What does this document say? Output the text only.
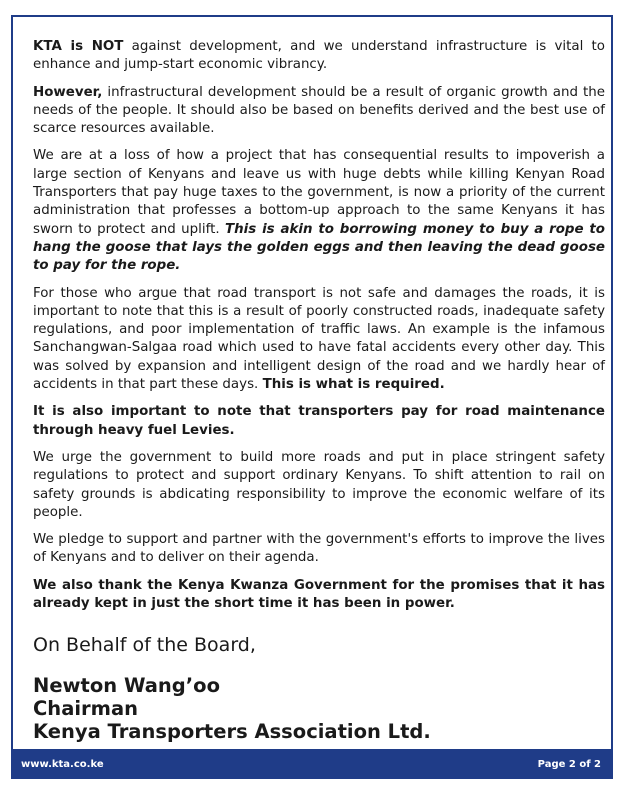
KTA is NOT against development, and we understand infrastructure is vital to enhance and jump-start economic vibrancy.

However, infrastructural development should be a result of organic growth and the needs of the people. It should also be based on benefits derived and the best use of scarce resources available.

We are at a loss of how a project that has consequential results to impoverish a large section of Kenyans and leave us with huge debts while killing Kenyan Road Transporters that pay huge taxes to the government, is now a priority of the current administration that professes a bottom-up approach to the same Kenyans it has sworn to protect and uplift. This is akin to borrowing money to buy a rope to hang the goose that lays the golden eggs and then leaving the dead goose to pay for the rope.

For those who argue that road transport is not safe and damages the roads, it is important to note that this is a result of poorly constructed roads, inadequate safety regulations, and poor implementation of traffic laws. An example is the infamous Sanchangwan-Salgaa road which used to have fatal accidents every other day. This was solved by expansion and intelligent design of the road and we hardly hear of accidents in that part these days. This is what is required.

It is also important to note that transporters pay for road maintenance through heavy fuel Levies.

We urge the government to build more roads and put in place stringent safety regulations to protect and support ordinary Kenyans. To shift attention to rail on safety grounds is abdicating responsibility to improve the economic welfare of its people.

We pledge to support and partner with the government's efforts to improve the lives of Kenyans and to deliver on their agenda.

We also thank the Kenya Kwanza Government for the promises that it has already kept in just the short time it has been in power.

On Behalf of the Board,

Newton Wang’oo
Chairman
Kenya Transporters Association Ltd.
www.kta.co.ke	Page 2 of 2
